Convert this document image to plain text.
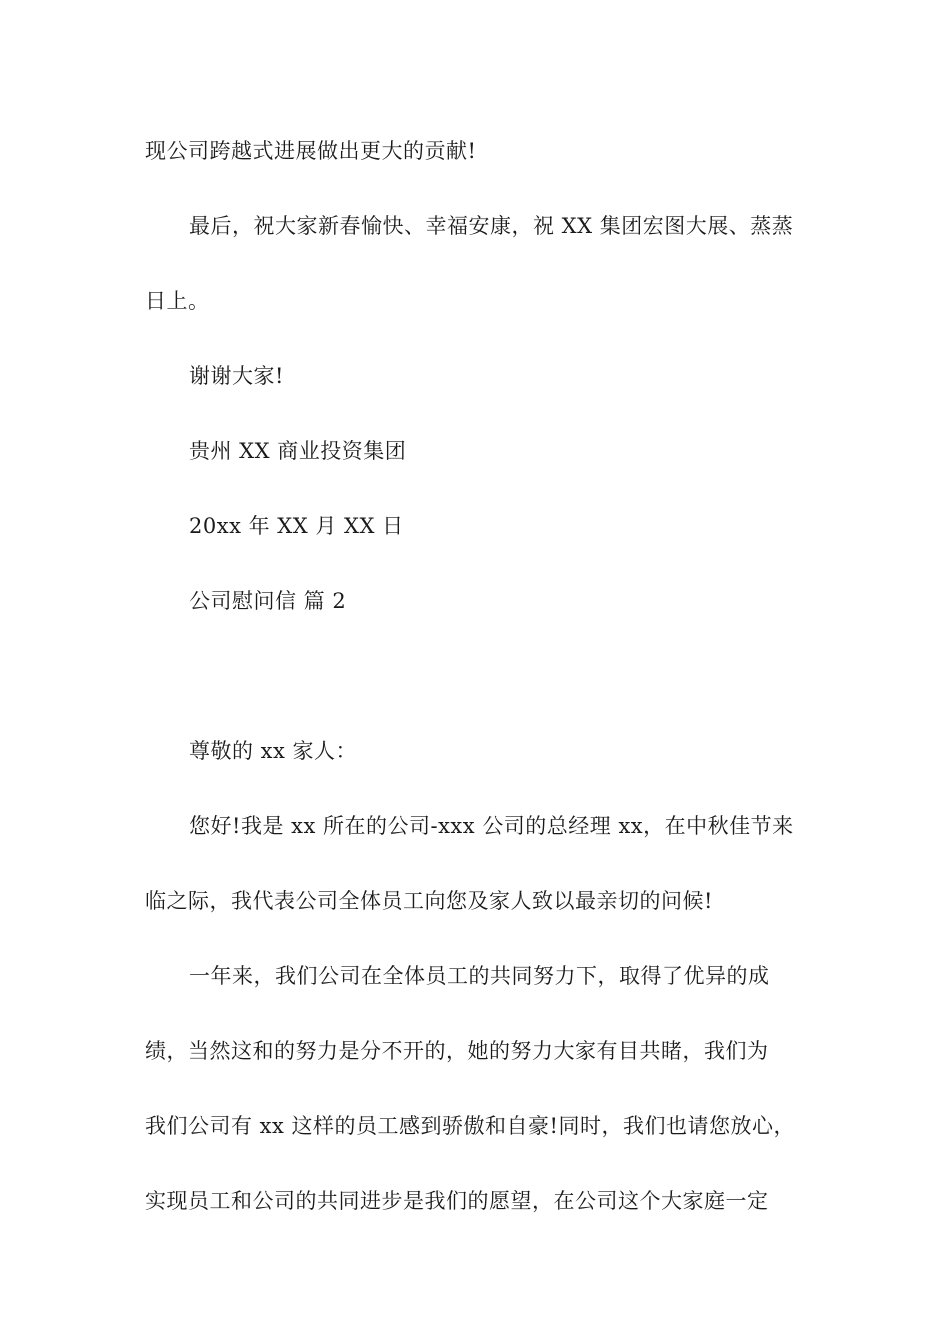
现公司跨越式进展做出更大的贡献!
最后，祝大家新春愉快、幸福安康，祝 XX 集团宏图大展、蒸蒸
日上。
谢谢大家!
贵州 XX 商业投资集团
20xx 年 XX 月 XX 日
公司慰问信 篇 2
尊敬的 xx 家人：
您好!我是 xx 所在的公司-xxx 公司的总经理 xx，在中秋佳节来
临之际，我代表公司全体员工向您及家人致以最亲切的问候!
一年来，我们公司在全体员工的共同努力下，取得了优异的成
绩，当然这和的努力是分不开的，她的努力大家有目共睹，我们为
我们公司有 xx 这样的员工感到骄傲和自豪!同时，我们也请您放心，
实现员工和公司的共同进步是我们的愿望，在公司这个大家庭一定
